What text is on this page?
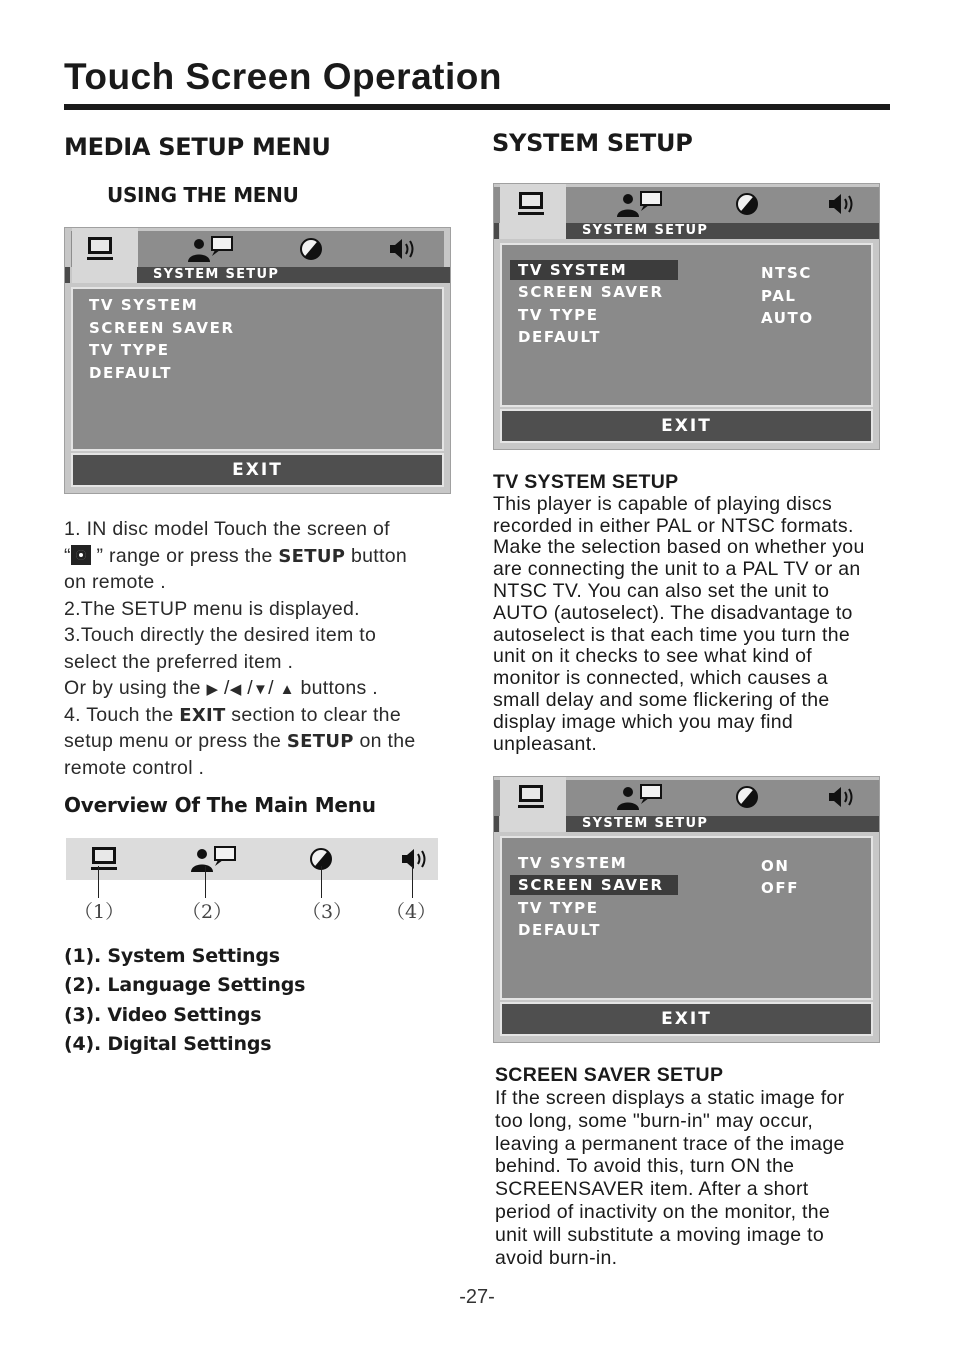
Touch Screen Operation
MEDIA SETUP MENU
USING THE MENU
SYSTEM SETUP
TV SYSTEM
SCREEN SAVER
TV TYPE
DEFAULT
EXIT

1. IN disc model Touch the screen of

“ ” range or press the SETUP button

on remote .

2.The SETUP menu is displayed.

3.Touch directly the desired item to

select the preferred item .

Or by using the ▶ /◀ /▼/ ▲ buttons .

4. Touch the EXIT section to clear the

setup menu or press the SETUP on the

remote control .

Overview Of The Main Menu
（1）	（2）	（3） （4）
(1). System Settings
(2). Language Settings
(3). Video Settings
(4). Digital Settings
SYSTEM SETUP
SYSTEM SETUP
TV SYSTEM
SCREEN SAVER
TV TYPE
DEFAULT
NTSC
PAL
AUTO
EXIT
TV SYSTEM SETUP
This player is capable of playing discs
recorded in either PAL or NTSC formats.
Make the selection based on whether you
are connecting the unit to a PAL TV or an
NTSC TV. You can also set the unit to
AUTO (autoselect). The disadvantage to
autoselect is that each time you turn the
unit on it checks to see what kind of
monitor is connected, which causes a
small delay and some flickering of the
display image which you may find
unpleasant.
SYSTEM SETUP
TV SYSTEM
SCREEN SAVER
TV TYPE
DEFAULT
ON
OFF
EXIT
SCREEN SAVER SETUP
If the screen displays a static image for
too long, some "burn-in" may occur,
leaving a permanent trace of the image
behind. To avoid this, turn ON the
SCREENSAVER item. After a short
period of inactivity on the monitor, the
unit will substitute a moving image to
avoid burn-in.
-27-
